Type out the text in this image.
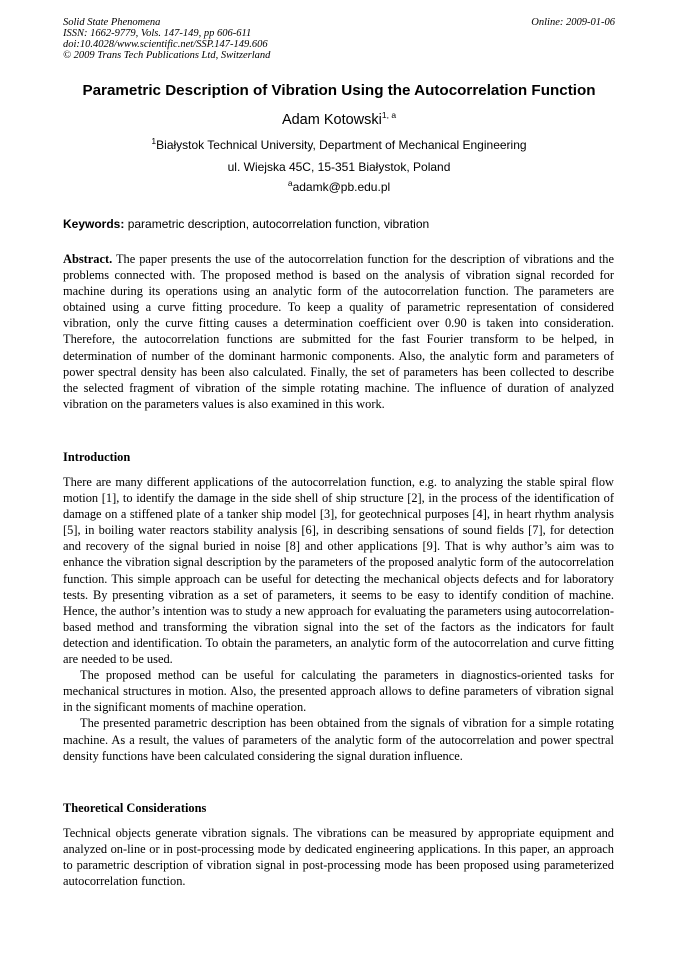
Solid State Phenomena
ISSN: 1662-9779, Vols. 147-149, pp 606-611
doi:10.4028/www.scientific.net/SSP.147-149.606
© 2009 Trans Tech Publications Ltd, Switzerland
Online: 2009-01-06
Parametric Description of Vibration Using the Autocorrelation Function
Adam Kotowski$^{1, a}$
$^1$Białystok Technical University, Department of Mechanical Engineering
ul. Wiejska 45C, 15-351 Białystok, Poland
$^a$adamk@pb.edu.pl
Keywords: parametric description, autocorrelation function, vibration

Abstract. The paper presents the use of the autocorrelation function for the description of vibrations and the problems connected with. The proposed method is based on the analysis of vibration signal recorded for machine during its operations using an analytic form of the autocorrelation function. The parameters are obtained using a curve fitting procedure. To keep a quality of parametric representation of considered vibration, only the curve fitting causes a determination coefficient over 0.90 is taken into consideration. Therefore, the autocorrelation functions are submitted for the fast Fourier transform to be helped, in determination of number of the dominant harmonic components. Also, the analytic form and parameters of power spectral density has been also calculated. Finally, the set of parameters has been collected to describe the selected fragment of vibration of the simple rotating machine. The influence of duration of analyzed vibration on the parameters values is also examined in this work.

Introduction

There are many different applications of the autocorrelation function, e.g. to analyzing the stable spiral flow motion [1], to identify the damage in the side shell of ship structure [2], in the process of the identification of damage on a stiffened plate of a tanker ship model [3], for geotechnical purposes [4], in heart rhythm analysis [5], in boiling water reactors stability analysis [6], in describing sensations of sound fields [7], for detection and recovery of the signal buried in noise [8] and other applications [9]. That is why author’s aim was to enhance the vibration signal description by the parameters of the proposed analytic form of the autocorrelation function. This simple approach can be useful for detecting the mechanical objects defects and for laboratory tests. By presenting vibration as a set of parameters, it seems to be easy to identify condition of machine. Hence, the author’s intention was to study a new approach for evaluating the parameters using autocorrelation-based method and transforming the vibration signal into the set of the factors as the indicators for fault detection and identification. To obtain the parameters, an analytic form of the autocorrelation and curve fitting are needed to be used.

The proposed method can be useful for calculating the parameters in diagnostics-oriented tasks for mechanical structures in motion. Also, the presented approach allows to define parameters of vibration signal in the significant moments of machine operation.

The presented parametric description has been obtained from the signals of vibration for a simple rotating machine. As a result, the values of parameters of the analytic form of the autocorrelation and power spectral density functions have been calculated considering the signal duration influence.

Theoretical Considerations

Technical objects generate vibration signals. The vibrations can be measured by appropriate equipment and analyzed on-line or in post-processing mode by dedicated engineering applications. In this paper, an approach to parametric description of vibration signal in post-processing mode has been proposed using parameterized autocorrelation function.
